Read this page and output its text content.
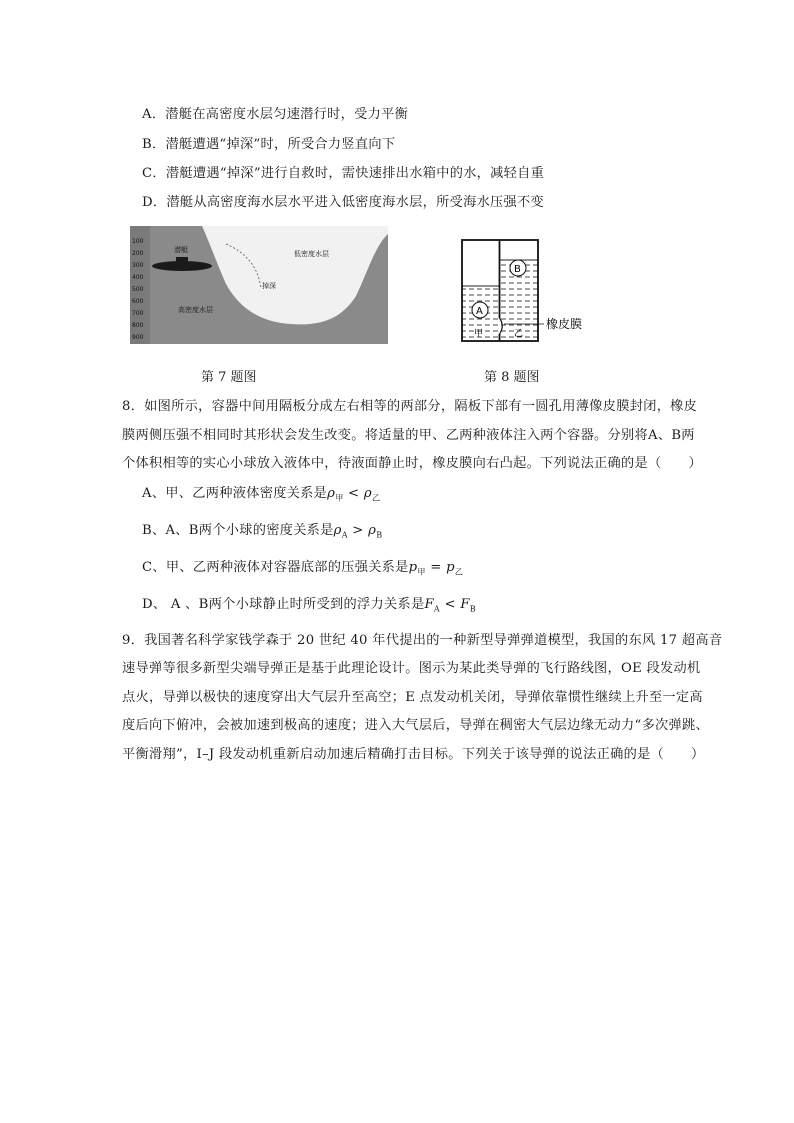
A．潜艇在高密度水层匀速潜行时，受力平衡
B．潜艇遭遇“掉深”时，所受合力竖直向下
C．潜艇遭遇“掉深”进行自救时，需快速排出水箱中的水，减轻自重
D．潜艇从高密度海水层水平进入低密度海水层，所受海水压强不变
100
200
300
400
500
600
700
800
900
潜艇	低密度水层
掉深
高密度水层	A
B
甲	乙
橡皮膜
第 7 题图	第 8 题图
8．如图所示，容器中间用隔板分成左右相等的两部分，隔板下部有一圆孔用薄像皮膜封闭，橡皮
膜两侧压强不相同时其形状会发生改变。将适量的甲、乙两种液体注入两个容器。分别将A、B两
个体积相等的实心小球放入液体中，待液面静止时，橡皮膜向右凸起。下列说法正确的是（　　）
A、甲、乙两种液体密度关系是$\rho_甲 < \rho_乙$
B、A、B两个小球的密度关系是$\rho_A > \rho_B$
C、甲、乙两种液体对容器底部的压强关系是$p_甲 = p_乙$
D、 A 、B两个小球静止时所受到的浮力关系是$F_A < F_B$
9．我国著名科学家钱学森于 20 世纪 40 年代提出的一种新型导弹弹道模型，我国的东风 17 超高音
速导弹等很多新型尖端导弹正是基于此理论设计。图示为某此类导弹的飞行路线图，OE 段发动机
点火，导弹以极快的速度穿出大气层升至高空；E 点发动机关闭，导弹依靠惯性继续上升至一定高
度后向下俯冲，会被加速到极高的速度；进入大气层后，导弹在稠密大气层边缘无动力“多次弹跳、
平衡滑翔”，I–J 段发动机重新启动加速后精确打击目标。下列关于该导弹的说法正确的是（　　）
